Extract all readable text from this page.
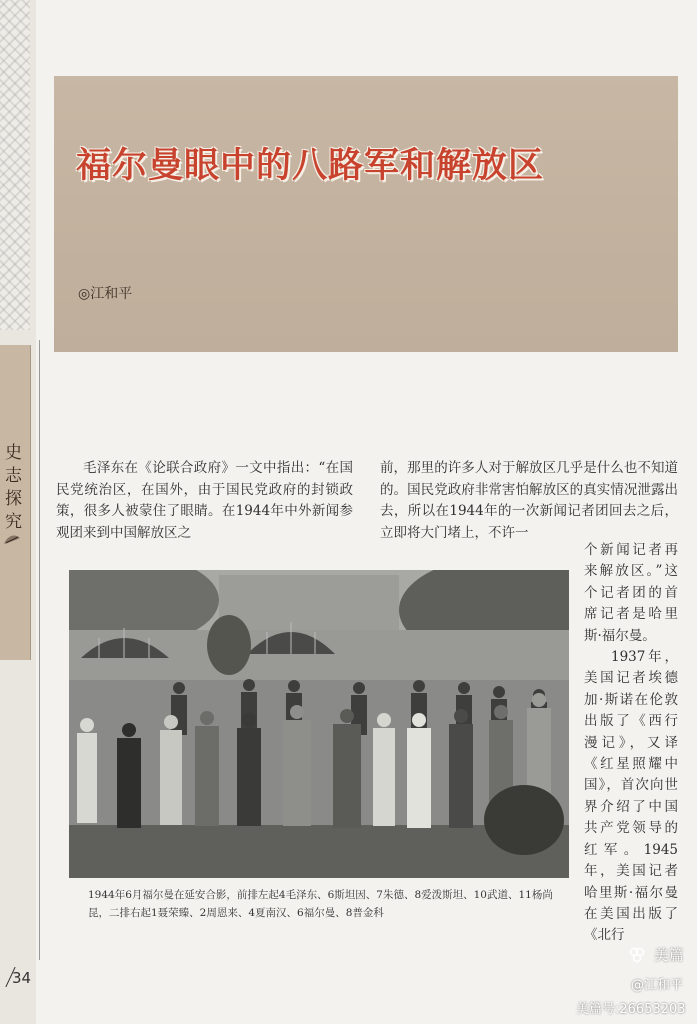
史
志
探
究
福尔曼眼中的八路军和解放区
◎江和平

毛泽东在《论联合政府》一文中指出：“在国民党统治区，在国外，由于国民党政府的封锁政策，很多人被蒙住了眼睛。在1944年中外新闻参观团来到中国解放区之

前，那里的许多人对于解放区几乎是什么也不知道的。国民党政府非常害怕解放区的真实情况泄露出去，所以在1944年的一次新闻记者团回去之后，立即将大门堵上，不许一

个新闻记者再来解放区。”这个记者团的首席记者是哈里斯·福尔曼。

1937年，美国记者埃德加·斯诺在伦敦出版了《西行漫记》，又译《红星照耀中国》，首次向世界介绍了中国共产党领导的红军。1945年，美国记者哈里斯·福尔曼在美国出版了《北行

1944年6月福尔曼在延安合影，前排左起4毛泽东、6斯坦因、7朱德、8爱泼斯坦、10武道、11杨尚昆，二排右起1聂荣臻、2周恩来、4夏南汉、6福尔曼、8普金科
34
美篇
@江和平
美篇号:26653203
